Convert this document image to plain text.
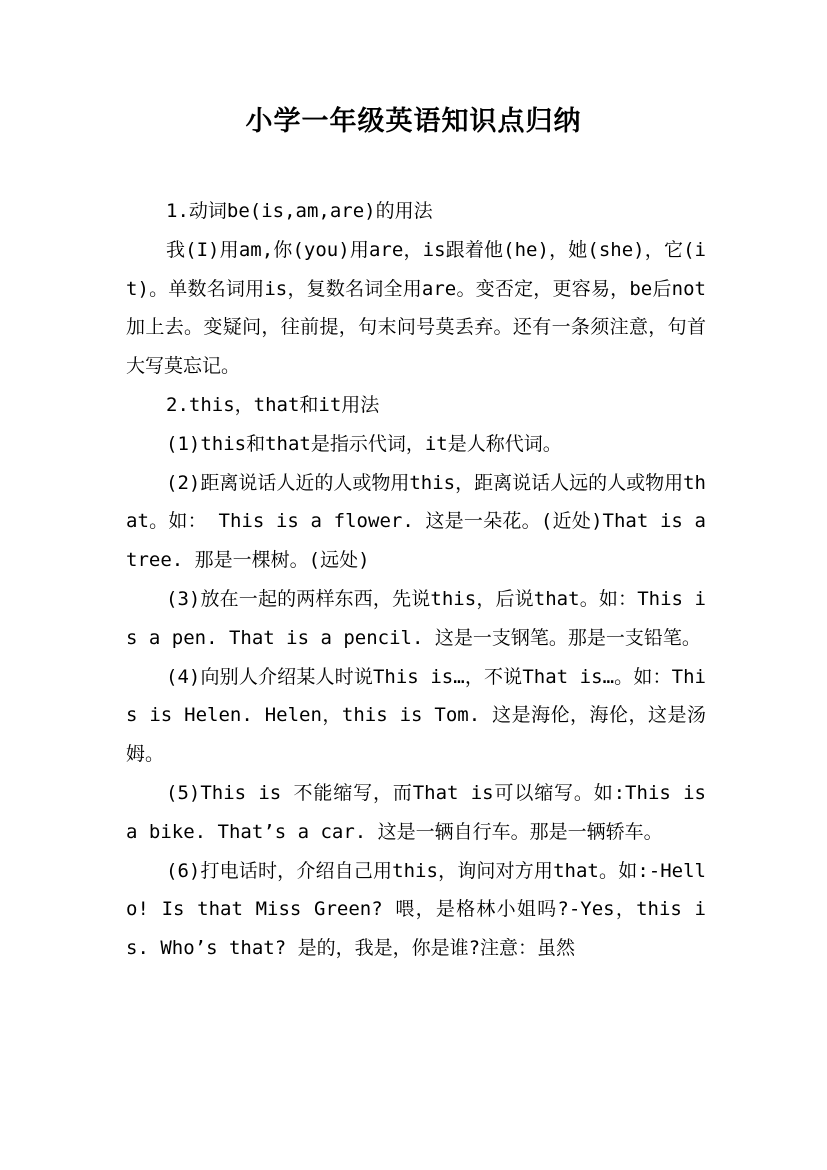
小学一年级英语知识点归纳

1.动词be(is,am,are)的用法

我(I)用am,你(you)用are，is跟着他(he)，她(she)，它(it)。单数名词用is，复数名词全用are。变否定，更容易，be后not加上去。变疑问，往前提，句末问号莫丢弃。还有一条须注意，句首大写莫忘记。

2.this，that和it用法

(1)this和that是指示代词，it是人称代词。

(2)距离说话人近的人或物用this，距离说话人远的人或物用that。如： This is a flower. 这是一朵花。(近处)That is a tree. 那是一棵树。(远处)

(3)放在一起的两样东西，先说this，后说that。如：This is a pen. That is a pencil. 这是一支钢笔。那是一支铅笔。

(4)向别人介绍某人时说This is…，不说That is…。如：This is Helen. Helen，this is Tom. 这是海伦，海伦，这是汤姆。

(5)This is 不能缩写，而That is可以缩写。如:This is a bike. That’s a car. 这是一辆自行车。那是一辆轿车。

(6)打电话时，介绍自己用this，询问对方用that。如:-Hello! Is that Miss Green? 喂，是格林小姐吗?-Yes，this is. Who’s that? 是的，我是，你是谁?注意：虽然
